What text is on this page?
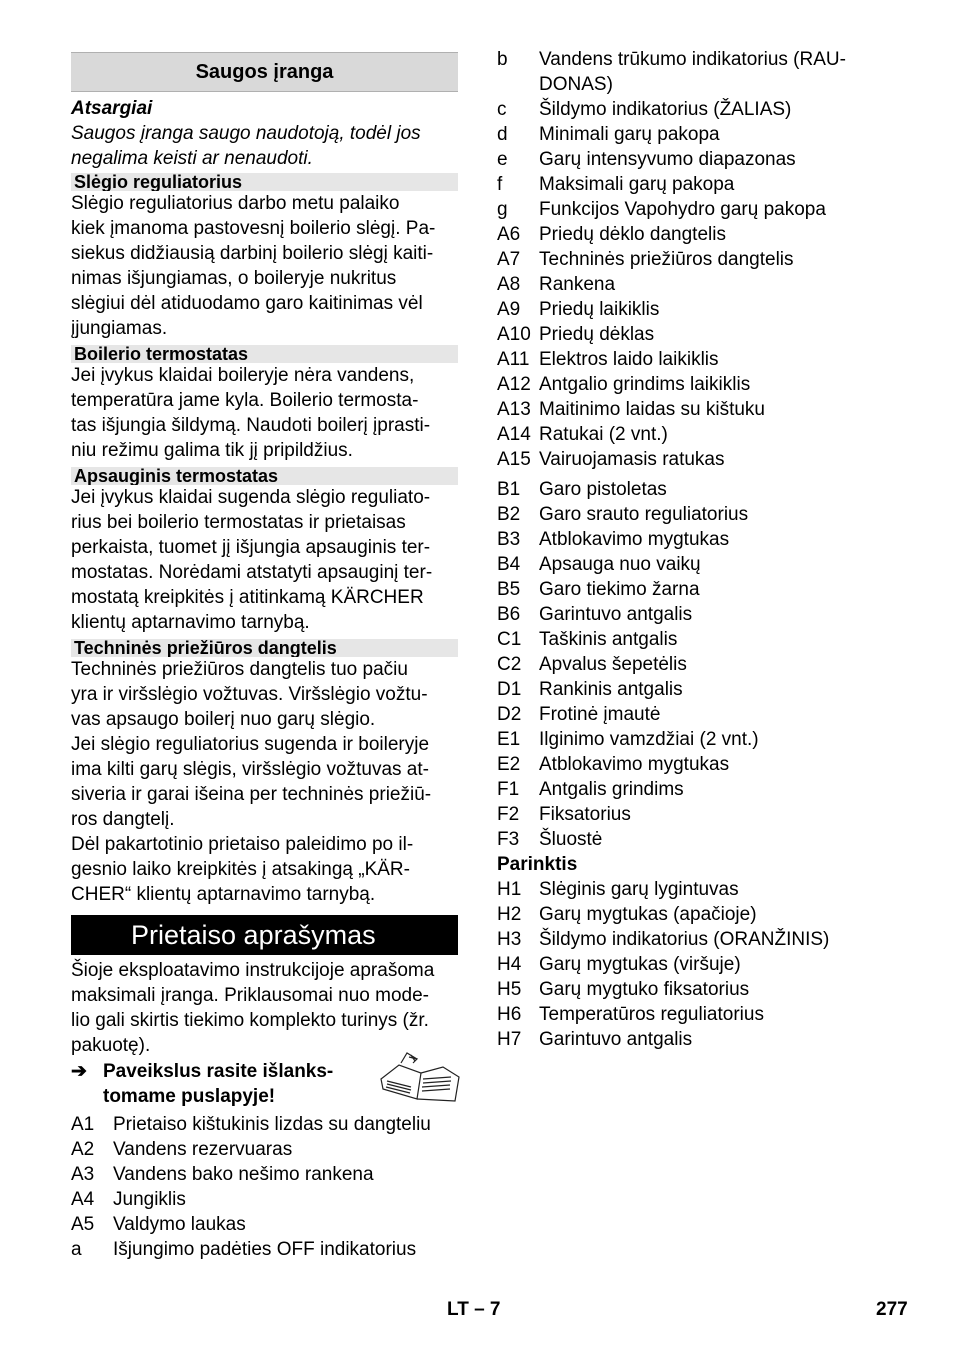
Saugos įranga

Atsargiai

Saugos įranga saugo naudotoją, todėl jos
negalima keisti ar nenaudoti.
Slėgio reguliatorius
Slėgio reguliatorius darbo metu palaiko
kiek įmanoma pastovesnį boilerio slėgį. Pa-
siekus didžiausią darbinį boilerio slėgį kaiti-
nimas išjungiamas, o boileryje nukritus
slėgiui dėl atiduodamo garo kaitinimas vėl
įjungiamas.
Boilerio termostatas
Jei įvykus klaidai boileryje nėra vandens,
temperatūra jame kyla. Boilerio termosta-
tas išjungia šildymą. Naudoti boilerį įprasti-
niu režimu galima tik jį pripildžius.
Apsauginis termostatas
Jei įvykus klaidai sugenda slėgio reguliato-
rius bei boilerio termostatas ir prietaisas
perkaista, tuomet jį išjungia apsauginis ter-
mostatas. Norėdami atstatyti apsauginį ter-
mostatą kreipkitės į atitinkamą KÄRCHER
klientų aptarnavimo tarnybą.
Techninės priežiūros dangtelis
Techninės priežiūros dangtelis tuo pačiu
yra ir viršslėgio vožtuvas. Viršslėgio vožtu-
vas apsaugo boilerį nuo garų slėgio.
Jei slėgio reguliatorius sugenda ir boileryje
ima kilti garų slėgis, viršslėgio vožtuvas at-
siveria ir garai išeina per techninės priežiū-
ros dangtelį.
Dėl pakartotinio prietaiso paleidimo po il-
gesnio laiko kreipkitės į atsakingą „KÄR-
CHER“ klientų aptarnavimo tarnybą.
Prietaiso aprašymas
Šioje eksploatavimo instrukcijoje aprašoma
maksimali įranga. Priklausomai nuo mode-
lio gali skirtis tiekimo komplekto turinys (žr.
pakuotę).
➔ Paveikslus rasite išlanks-
tomame puslapyje!
A1 Prietaiso kištukinis lizdas su dangteliu
A2 Vandens rezervuaras
A3 Vandens bako nešimo rankena
A4 Jungiklis
A5 Valdymo laukas
a	Išjungimo padėties OFF indikatorius
b	Vandens trūkumo indikatorius (RAU-
DONAS)
c	Šildymo indikatorius (ŽALIAS)
d	Minimali garų pakopa
e	Garų intensyvumo diapazonas
f	Maksimali garų pakopa
g	Funkcijos Vapohydro garų pakopa
A6 Priedų dėklo dangtelis
A7 Techninės priežiūros dangtelis
A8 Rankena
A9 Priedų laikiklis
A10 Priedų dėklas
A11 Elektros laido laikiklis
A12 Antgalio grindims laikiklis
A13 Maitinimo laidas su kištuku
A14 Ratukai (2 vnt.)
A15 Vairuojamasis ratukas
B1 Garo pistoletas
B2 Garo srauto reguliatorius
B3 Atblokavimo mygtukas
B4 Apsauga nuo vaikų
B5 Garo tiekimo žarna
B6 Garintuvo antgalis
C1 Taškinis antgalis
C2 Apvalus šepetėlis
D1 Rankinis antgalis
D2 Frotinė įmautė
E1 Ilginimo vamzdžiai (2 vnt.)
E2 Atblokavimo mygtukas
F1	Antgalis grindims
F2	Fiksatorius
F3	Šluostė
Parinktis
H1 Slėginis garų lygintuvas
H2 Garų mygtukas (apačioje)
H3 Šildymo indikatorius (ORANŽINIS)
H4 Garų mygtukas (viršuje)
H5 Garų mygtuko fiksatorius
H6 Temperatūros reguliatorius
H7 Garintuvo antgalis
LT – 7	277
